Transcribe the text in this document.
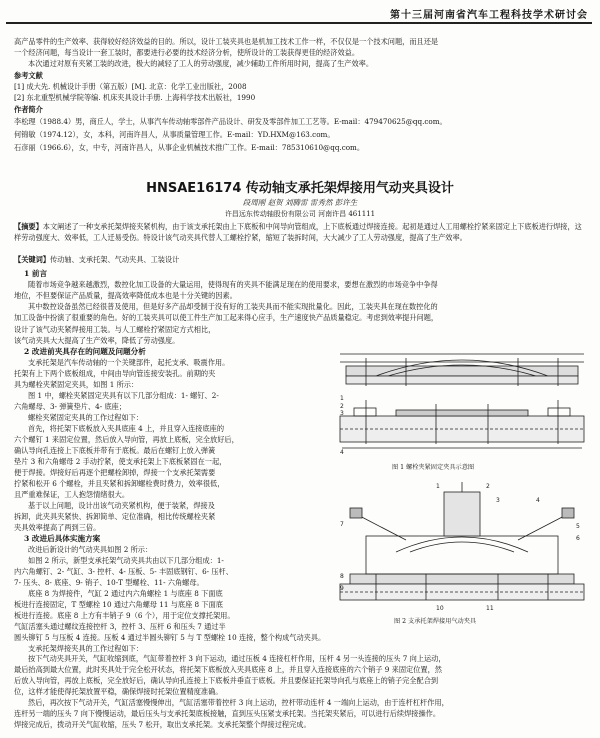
第十三届河南省汽车工程科技学术研讨会
高产品零件的生产效率、获得较好经济效益的目的。所以，设计工装夹具也是机加工技术工作一样，不仅仅是一个技术问题，而且还是
一个经济问题，每当设计一套工装时，都要进行必要的技术经济分析，使所设计的工装获得更佳的经济效益。
本次通过对原有夹紧工装的改进，极大的减轻了工人的劳动强度，减少辅助工件所用时间，提高了生产效率。
参考文献
[1] 成大先. 机械设计手册（第五版）[M]. 北京：化学工业出版社，2008
[2] 东北重型机械学院等编. 机床夹具设计手册. 上海科学技术出版社，1990
作者简介
李松理（1988.4）男，商丘人，学士，从事汽车传动轴零部件产品设计、研发及零部件加工工艺等。E-mail：479470625@qq.com。
何锦敏（1974.12），女，本科，河南许昌人，从事质量管理工作。E-mail：YD.HXM@163.com。
石彦丽（1966.6），女，中专，河南许昌人，从事企业机械技术推广工作。E-mail：785310610@qq.com。
HNSAE16174 传动轴支承托架焊接用气动夹具设计
段周刚 赵贺 刘腾雷 雷秀然 彭许生
许昌远东传动轴股份有限公司 河南许昌 461111
【摘要】本文阐述了一种支承托架焊接夹紧机构，由于该支承托架由上下底板和中间导向管组成，上下底板通过焊接连接。起初是通过人工用螺栓拧紧来固定上下底板进行焊接，这样劳动强度大、效率低，工人迁易受伤。特设计该气动夹具代替人工螺栓拧紧，缩短了装拆时间，大大减少了工人劳动强度，提高了生产效率。
【关键词】传动轴、支承托架、气动夹具、工装设计
1 前言
随着市场竞争越来越激烈，数控化加工设备的大量运用，使得现有的夹具不能满足现在的使用要求，要想在激烈的市场竞争中争得
地位，不但要保证产品质量，提高效率降低成本也是十分关键的因素。
其中数控设备虽然已经很普及使用，但是好多产品却受制于没有好的工装夹具而不能实现批量化。因此，工装夹具在现在数控化的
加工设备中扮演了很重要的角色。好的工装夹具可以使工件生产加工起来得心应手，生产速度快产品质量稳定。考虑到效率提升问题，
设计了该气动夹紧焊接用工装。与人工螺栓拧紧固定方式相比，
该气动夹具大大提高了生产效率，降低了劳动强度。
2 改进前夹具存在的问题及问题分析
支承托架是汽车传动轴的一个关键部件，起托支承、吸震作用。
托架有上下两个底板组成，中间由导向管连接安装孔。前期的夹
具为螺栓夹紧固定夹具，如图 1 所示：
图 1 中，螺栓夹紧固定夹具有以下几部分组成：1- 螺钉、2-
六角螺母、3- 弹簧垫片、4- 底座；
螺栓夹紧固定夹具的工作过程如下：
首先，将托架下底板放入夹具底座 4 上，并且穿入连接底座的
六个螺钉 1 来固定位置，然后放入导向管，再放上底板，完全放好后，
确认导向孔连接上下底板并带有于底板。最后在螺钉上放入弹簧
垫片 3 和六角螺母 2 手动拧紧，使支承托架上下底板紧固在一起，
便于焊接。焊接好后再逐个把螺栓卸掉，焊接一个支承托架需要
拧紧和松开 6 个螺栓，并且夹紧和拆卸螺栓费时费力，效率很低，
且严重难保证，工人抱怨情绪很大。
基于以上问题，设计出该气动夹紧机构，便于装紧，焊接及
拆卸，此夹具夹紧快、拆卸简单、定位准确，相比传统螺栓夹紧
夹具效率提高了两到三倍。
3 改进后具体实施方案
改进后新设计的气动夹具如图 2 所示：
如图 2 所示，新型支承托架气动夹具共由以下几部分组成：1-
内六角螺钉、2- 气缸、3- 控杆、4- 压板、5- 丰固底钢钉、6- 压杆、
7- 压头、8- 底座、9- 销子、10-T 型螺栓、11- 六角螺母。
底座 8 为焊接件，气缸 2 通过内六角螺栓 1 与底座 8 下面底
板进行连接固定，T 型螺栓 10 通过六角螺母 11 与底座 8 下面底
板进行连接。底座 8 上方有丰销子 9（6 个），用于定位支撑托架用。
气缸活塞头通过螺纹连接控杆 3，控杆 3、压杆 6 和压头 7 通过半
圆头铆钉 5 与压板 4 连接。压板 4 通过半圆头铆钉 5 与 T 型螺栓 10 连接，整个构成气动夹具。
支承托架焊接夹具的工作过程如下：
1
2
3
4
图 1 螺栓夹紧固定夹具示意图
1	2
3	4
5
6
7
8
9
10	11
图 2 支承托架焊接用气动夹具
按下气动夹具开关，气缸收缩到底，气缸带着控杆 3 向下运动，通过压板 4 连接杠杆作用，压杆 4 另一头连接的压头 7 向上运动，
最后抬高到最大位置，此时夹具处于完全松开状态，将托架下底板放入夹具底座 8 上，并且穿入连接底座的六个销子 9 来固定位置，然
后放入导向管，再放上底板，完全放好后，确认导向孔连接上下底板并垂直于底板。并且要保证托架导向孔与底座上的销子完全配合到
位，这样才能使得托架放置平稳，确保焊接时托架位置精度准确。
然后，再次按下气动开关，气缸活塞慢慢伸出，气缸活塞带着控杆 3 向上运动，控杆带动连杆 4 一端向上运动，由于连杆杠杆作用，
连杆另一端的压头 7 向下慢慢运动，最后压头与支承托架底板接触，直到压头压紧支承托架。当托架夹紧后，可以进行后续焊接操作。
焊接完成后，拨动开关气缸收缩，压头 7 松开，取出支承托架。支承托架整个焊接过程完成。
